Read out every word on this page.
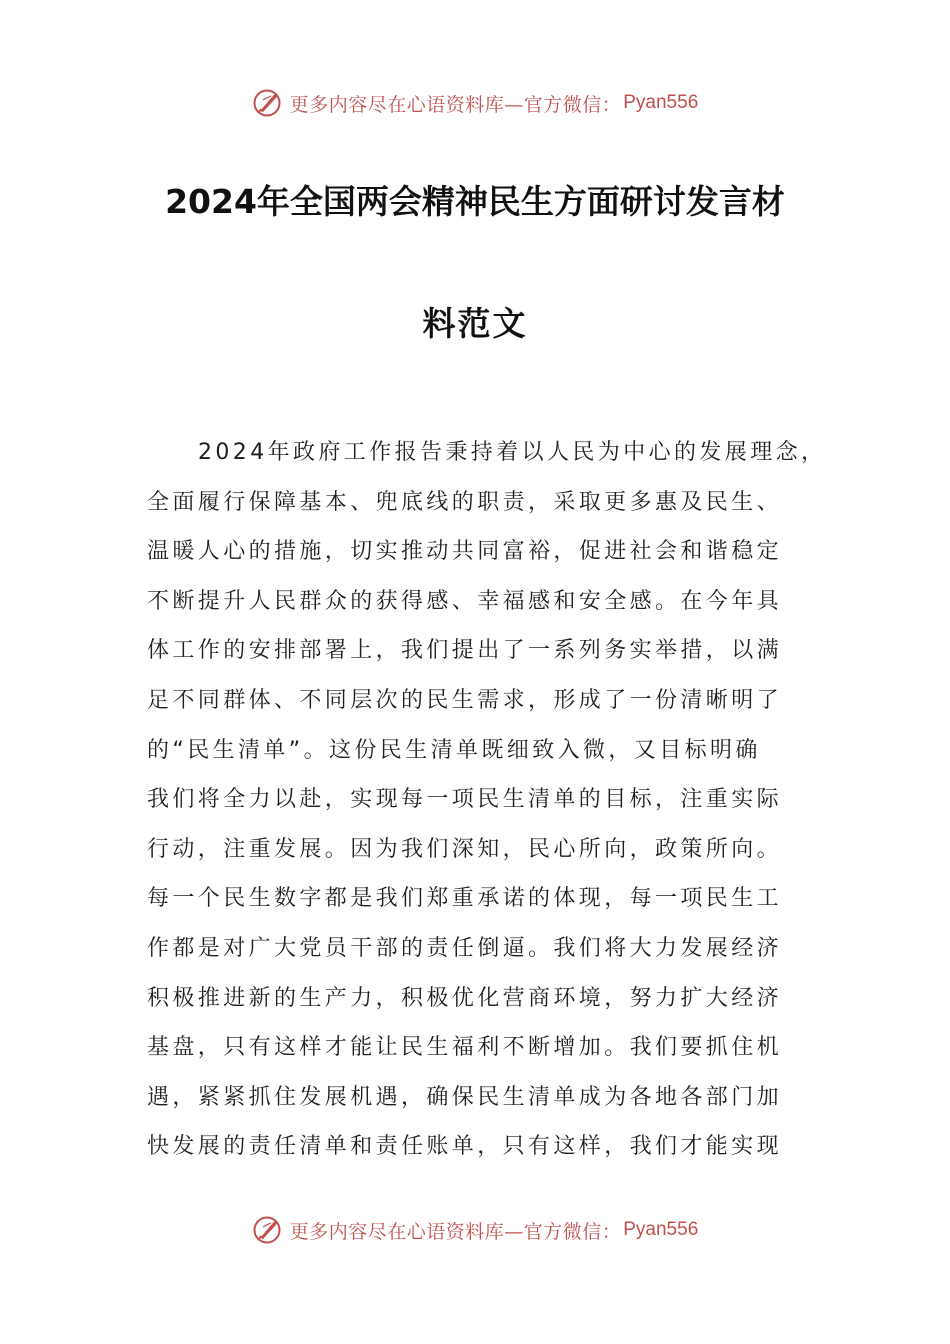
更多内容尽在心语资料库—官方微信： Pyan556
2024年全国两会精神民生方面研讨发言材
料范文
2024年政府工作报告秉持着以人民为中心的发展理念，
全面履行保障基本、兜底线的职责，采取更多惠及民生、
温暖人心的措施，切实推动共同富裕，促进社会和谐稳定
不断提升人民群众的获得感、幸福感和安全感。在今年具
体工作的安排部署上，我们提出了一系列务实举措，以满
足不同群体、不同层次的民生需求，形成了一份清晰明了
的“民生清单”。这份民生清单既细致入微，又目标明确
我们将全力以赴，实现每一项民生清单的目标，注重实际
行动，注重发展。因为我们深知，民心所向，政策所向。
每一个民生数字都是我们郑重承诺的体现，每一项民生工
作都是对广大党员干部的责任倒逼。我们将大力发展经济
积极推进新的生产力，积极优化营商环境，努力扩大经济
基盘，只有这样才能让民生福利不断增加。我们要抓住机
遇，紧紧抓住发展机遇，确保民生清单成为各地各部门加
快发展的责任清单和责任账单，只有这样，我们才能实现
更多内容尽在心语资料库—官方微信： Pyan556
